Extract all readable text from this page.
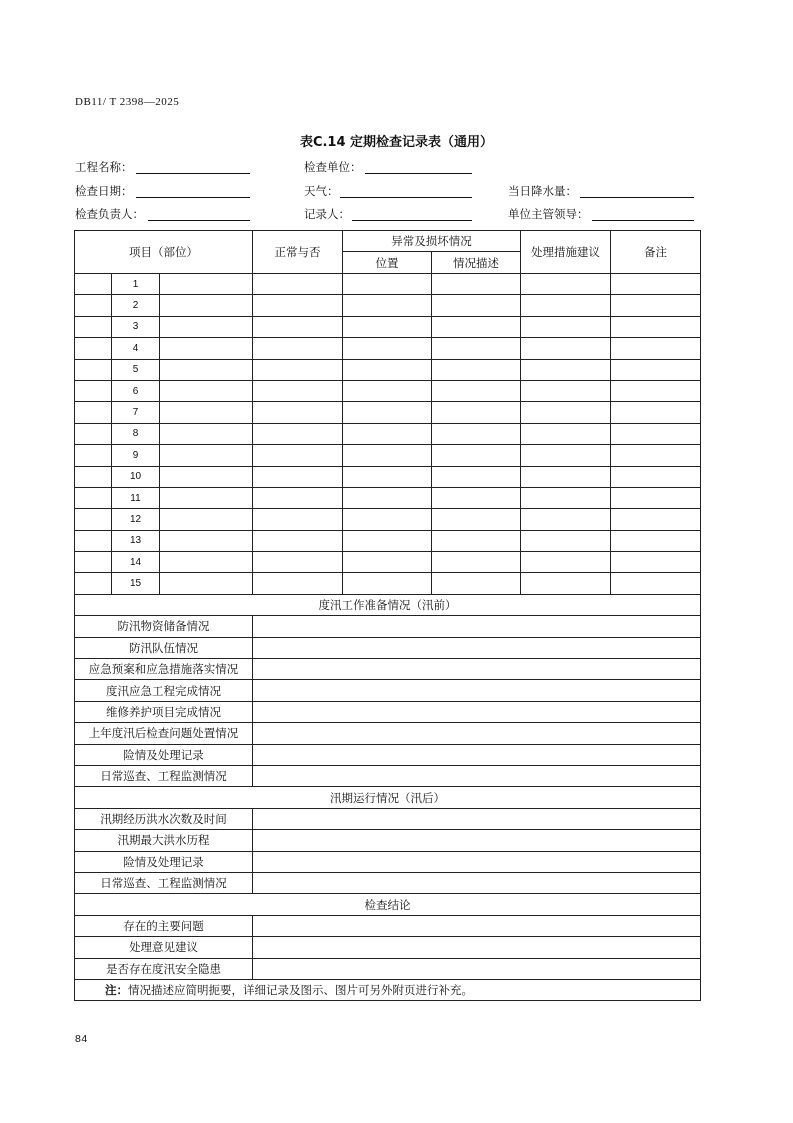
DB11/ T 2398—2025
表C.14 定期检查记录表（通用）
工程名称：	检查单位：
检查日期：	天气：	当日降水量：
检查负责人：	记录人：	单位主管领导：
项目（部位）			正常与否	异常及损坏情况		处理措施建议	备注
				位置	情况描述		
	1						
	2						
	3						
	4						
	5						
	6						
	7						
	8						
	9						
	10						
	11						
	12						
	13						
	14						
	15						
度汛工作准备情况（汛前）							
防汛物资储备情况							
防汛队伍情况							
应急预案和应急措施落实情况							
度汛应急工程完成情况							
维修养护项目完成情况							
上年度汛后检查问题处置情况							
险情及处理记录							
日常巡查、工程监测情况							
汛期运行情况（汛后）							
汛期经历洪水次数及时间							
汛期最大洪水历程							
险情及处理记录							
日常巡查、工程监测情况							
检查结论							
存在的主要问题							
处理意见建议							
是否存在度汛安全隐患							
注：情况描述应简明扼要，详细记录及图示、图片可另外附页进行补充。							
84
